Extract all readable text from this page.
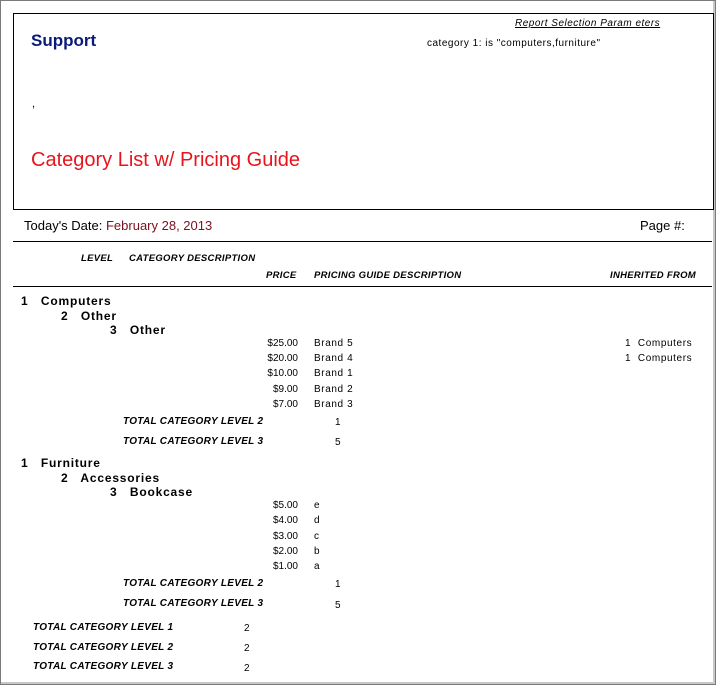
Support
Report Selection Param eters
category 1: is "computers,furniture"
,
Category List w/ Pricing Guide
Today's Date: February 28, 2013	Page #:
LEVEL CATEGORY DESCRIPTION
PRICE PRICING GUIDE DESCRIPTION	INHERITED FROM
1   Computers
2   Other
3   Other
$25.00 Brand 5	1  Computers
$20.00 Brand 4	1  Computers
$10.00 Brand 1
$9.00 Brand 2
$7.00 Brand 3
TOTAL CATEGORY LEVEL 2	1
TOTAL CATEGORY LEVEL 3	5
1   Furniture
2   Accessories
3   Bookcase
$5.00 e
$4.00 d
$3.00 c
$2.00 b
$1.00 a
TOTAL CATEGORY LEVEL 2	1
TOTAL CATEGORY LEVEL 3	5
TOTAL CATEGORY LEVEL 1	2
TOTAL CATEGORY LEVEL 2	2
TOTAL CATEGORY LEVEL 3	2
